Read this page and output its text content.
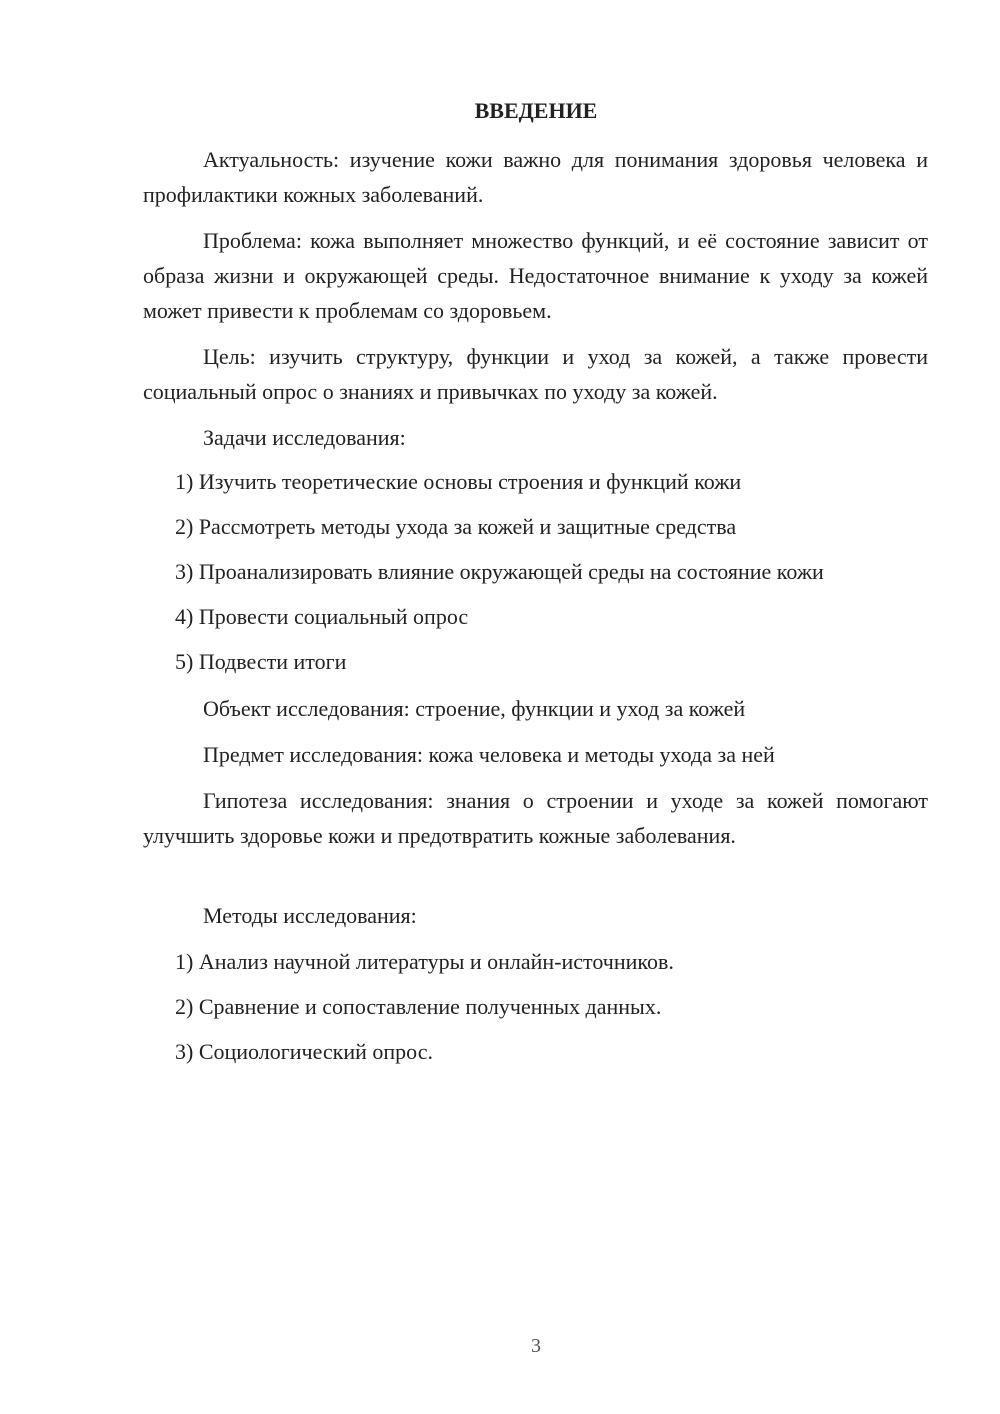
ВВЕДЕНИЕ

Актуальность: изучение кожи важно для понимания здоровья человека и профилактики кожных заболеваний.

Проблема: кожа выполняет множество функций, и её состояние зависит от образа жизни и окружающей среды. Недостаточное внимание к уходу за кожей может привести к проблемам со здоровьем.

Цель: изучить структуру, функции и уход за кожей, а также провести социальный опрос о знаниях и привычках по уходу за кожей.

Задачи исследования:

1) Изучить теоретические основы строения и функций кожи

2) Рассмотреть методы ухода за кожей и защитные средства

3) Проанализировать влияние окружающей среды на состояние кожи

4) Провести социальный опрос

5) Подвести итоги

Объект исследования: строение, функции и уход за кожей

Предмет исследования: кожа человека и методы ухода за ней

Гипотеза исследования: знания о строении и уходе за кожей помогают улучшить здоровье кожи и предотвратить кожные заболевания.

Методы исследования:

1) Анализ научной литературы и онлайн-источников.

2) Сравнение и сопоставление полученных данных.

3) Социологический опрос.

3
